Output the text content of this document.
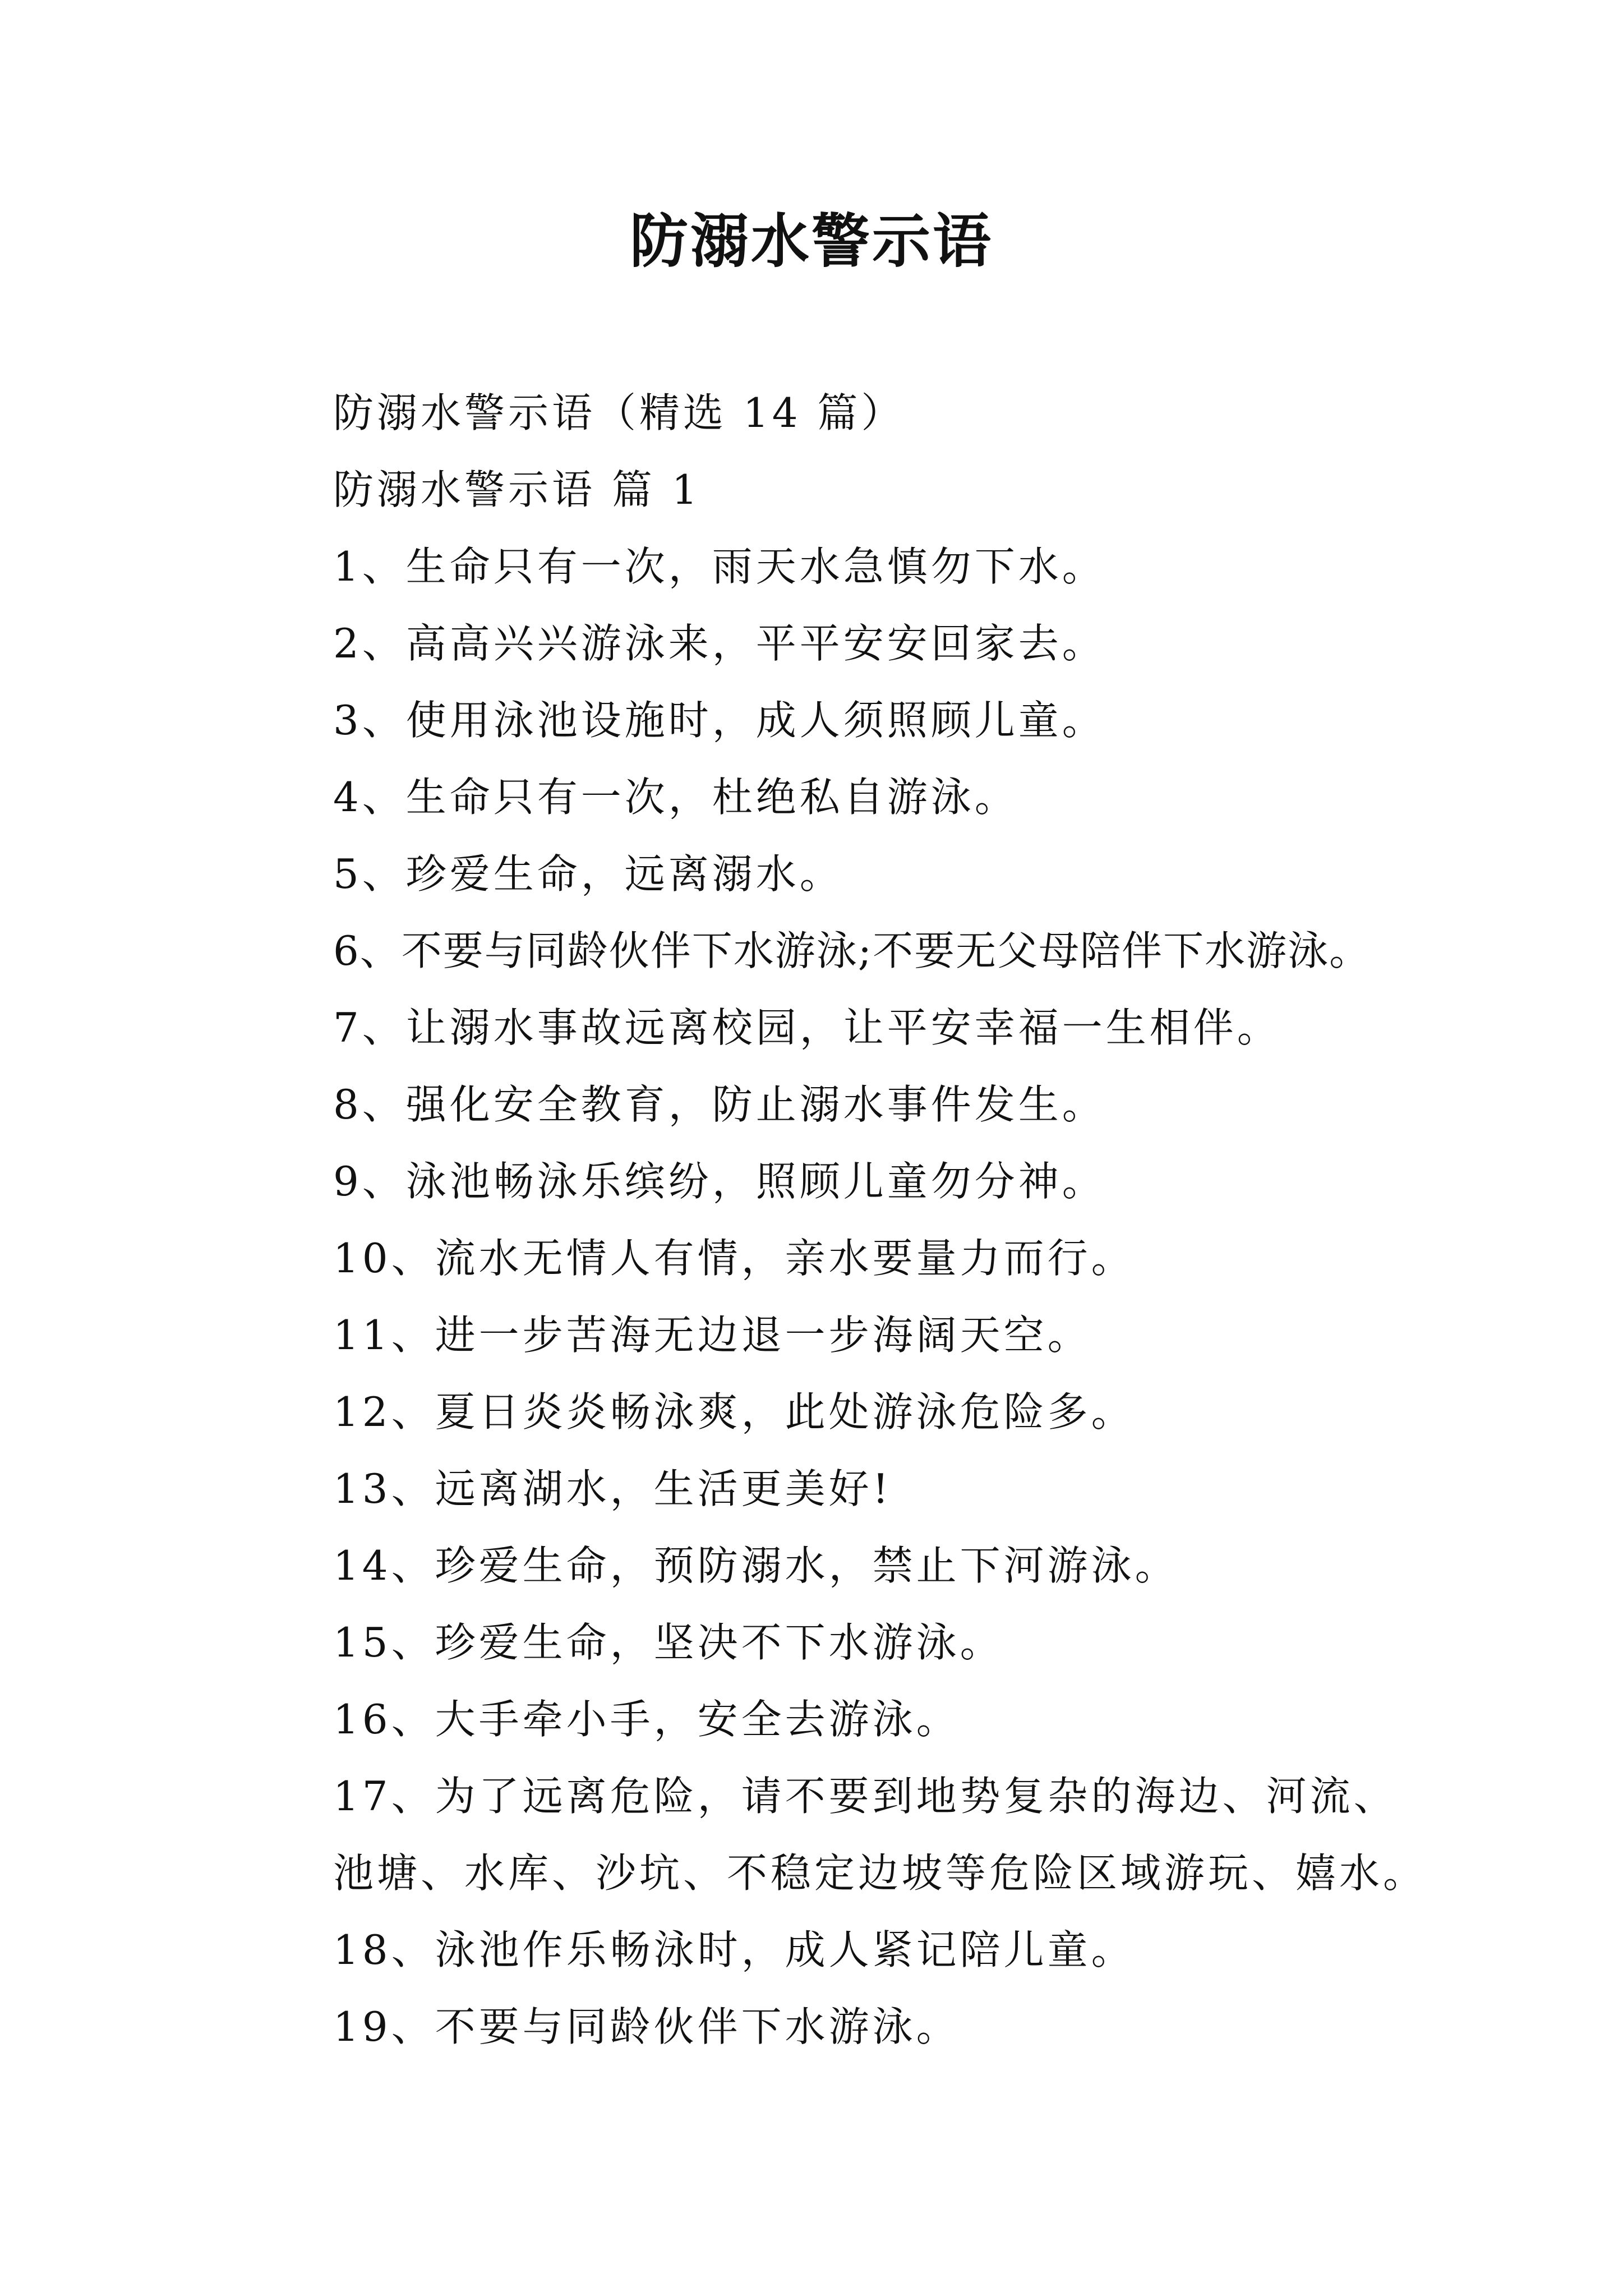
防溺水警示语
防溺水警示语（精选 14 篇）
防溺水警示语 篇 1
1、生命只有一次，雨天水急慎勿下水。
2、高高兴兴游泳来，平平安安回家去。
3、使用泳池设施时，成人须照顾儿童。
4、生命只有一次，杜绝私自游泳。
5、珍爱生命，远离溺水。
6、不要与同龄伙伴下水游泳;不要无父母陪伴下水游泳。
7、让溺水事故远离校园，让平安幸福一生相伴。
8、强化安全教育，防止溺水事件发生。
9、泳池畅泳乐缤纷，照顾儿童勿分神。
10、流水无情人有情，亲水要量力而行。
11、进一步苦海无边退一步海阔天空。
12、夏日炎炎畅泳爽，此处游泳危险多。
13、远离湖水，生活更美好!
14、珍爱生命，预防溺水，禁止下河游泳。
15、珍爱生命，坚决不下水游泳。
16、大手牵小手，安全去游泳。
17、为了远离危险，请不要到地势复杂的海边、河流、池塘、水库、沙坑、不稳定边坡等危险区域游玩、嬉水。
18、泳池作乐畅泳时，成人紧记陪儿童。
19、不要与同龄伙伴下水游泳。
